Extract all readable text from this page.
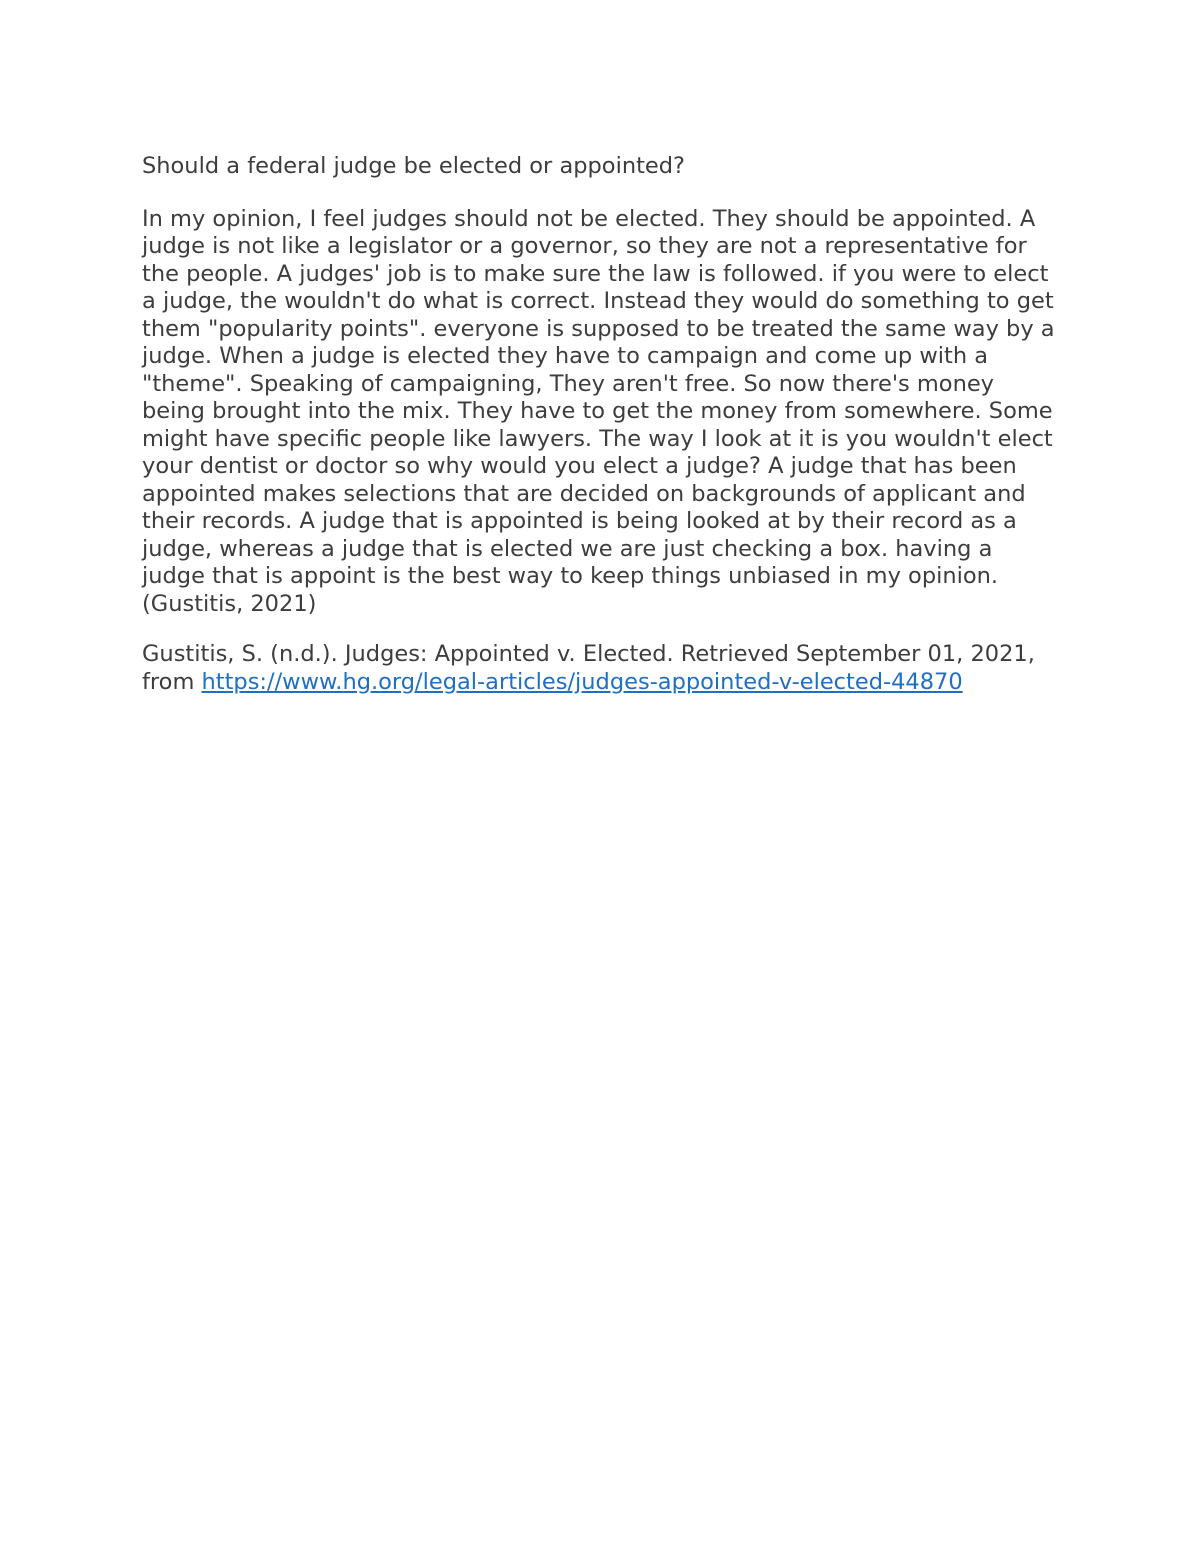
Should a federal judge be elected or appointed?

In my opinion, I feel judges should not be elected. They should be appointed. A judge is not like a legislator or a governor, so they are not a representative for the people. A judges' job is to make sure the law is followed. if you were to elect a judge, the wouldn't do what is correct. Instead they would do something to get them "popularity points". everyone is supposed to be treated the same way by a judge. When a judge is elected they have to campaign and come up with a "theme". Speaking of campaigning, They aren't free. So now there's money being brought into the mix. They have to get the money from somewhere. Some might have specific people like lawyers. The way I look at it is you wouldn't elect your dentist or doctor so why would you elect a judge? A judge that has been appointed makes selections that are decided on backgrounds of applicant and their records. A judge that is appointed is being looked at by their record as a judge, whereas a judge that is elected we are just checking a box. having a judge that is appoint is the best way to keep things unbiased in my opinion. (Gustitis, 2021)

Gustitis, S. (n.d.). Judges: Appointed v. Elected. Retrieved September 01, 2021, from https://www.hg.org/legal-articles/judges-appointed-v-elected-44870
